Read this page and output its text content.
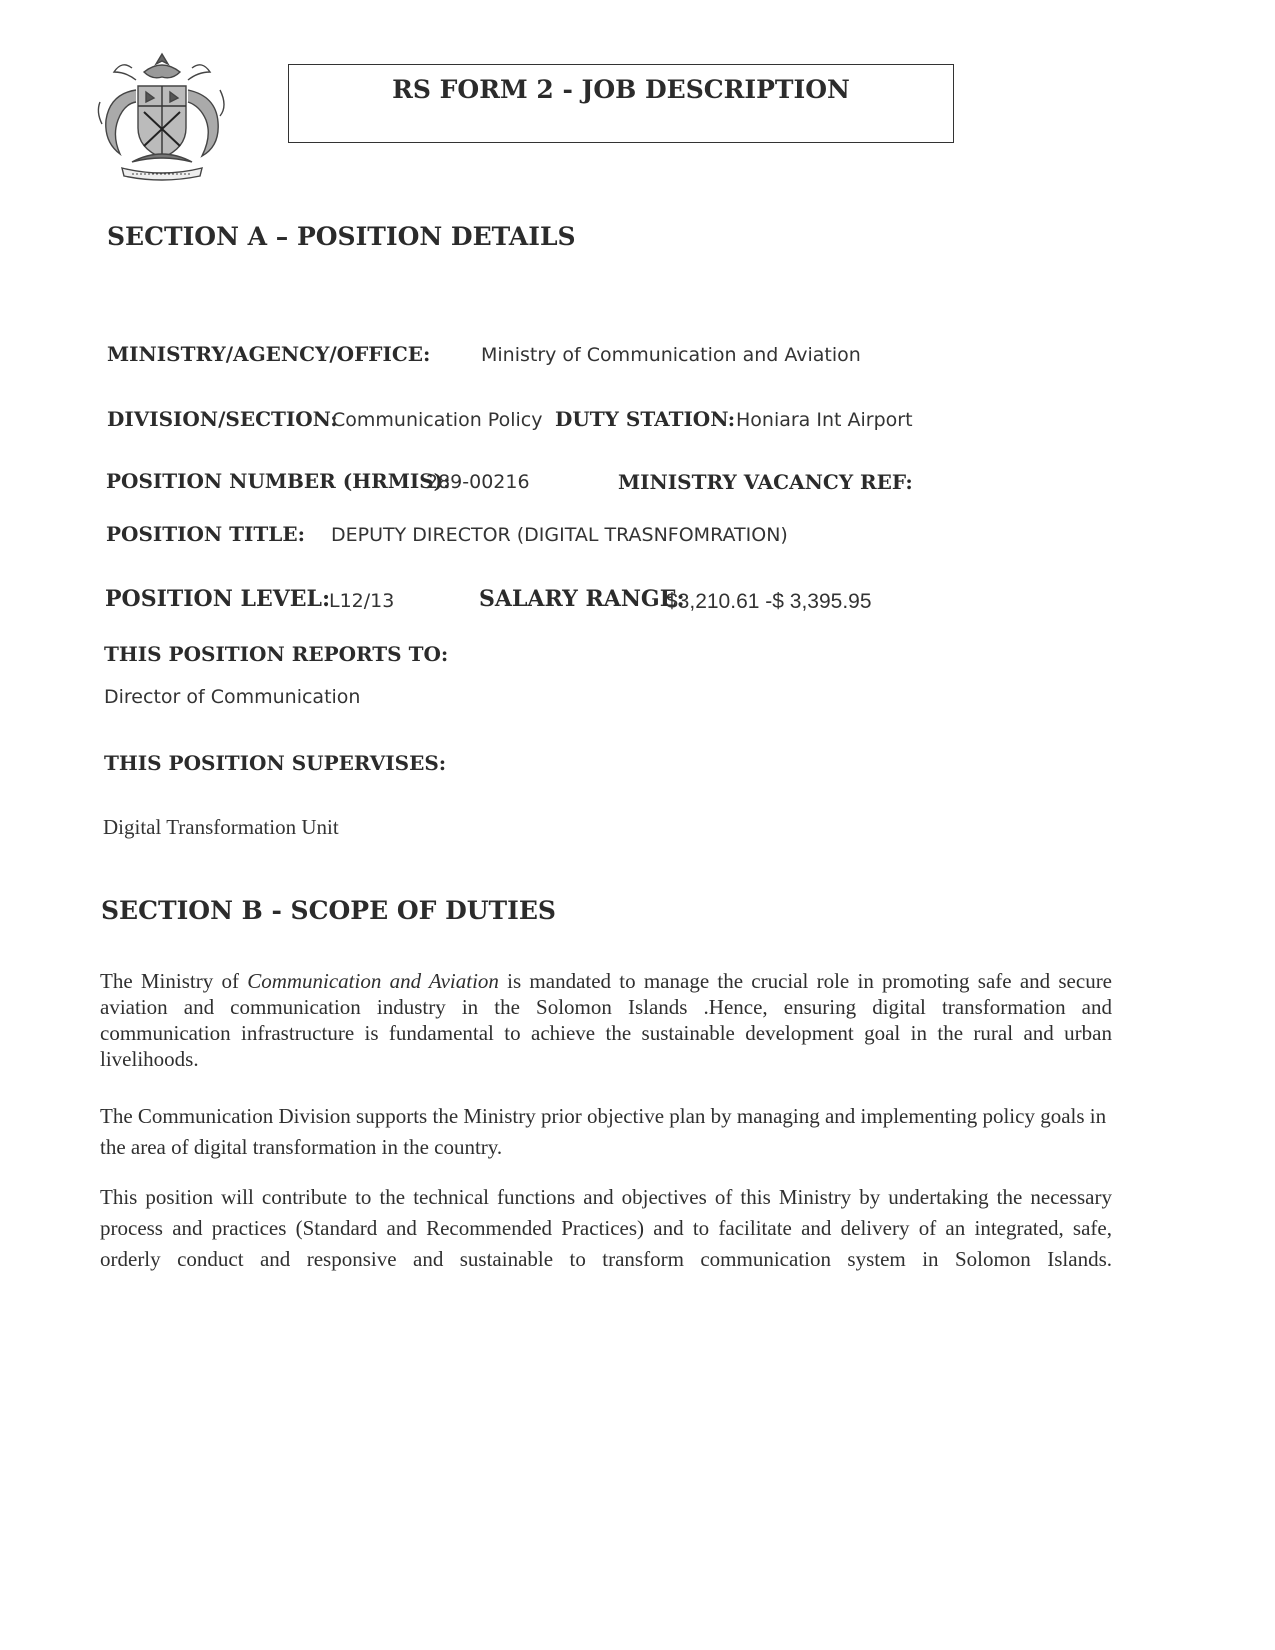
RS FORM 2 - JOB DESCRIPTION
SECTION A – POSITION DETAILS
MINISTRY/AGENCY/OFFICE:	Ministry of Communication and Aviation
DIVISION/SECTION:
Communication Policy DUTY STATION: Honiara Int Airport
POSITION NUMBER (HRMIS):
289-00216	MINISTRY VACANCY REF:
POSITION TITLE: DEPUTY DIRECTOR (DIGITAL TRASNFOMRATION)
POSITION LEVEL:
L12/13	SALARY RANGE:
$3,210.61 -$ 3,395.95
THIS POSITION REPORTS TO:
Director of Communication
THIS POSITION SUPERVISES:
Digital Transformation Unit
SECTION B - SCOPE OF DUTIES
The Ministry of Communication and Aviation is mandated to manage the crucial role in promoting safe and secure aviation and communication industry in the Solomon Islands .Hence, ensuring digital transformation and communication infrastructure is fundamental to achieve the sustainable development goal in the rural and urban livelihoods.
The Communication Division supports the Ministry prior objective plan by managing and implementing policy goals in the area of digital transformation in the country.
This position will contribute to the technical functions and objectives of this Ministry by undertaking the necessary process and practices (Standard and Recommended Practices) and to facilitate and delivery of an integrated, safe, orderly conduct and responsive and sustainable to transform communication system in Solomon Islands.
